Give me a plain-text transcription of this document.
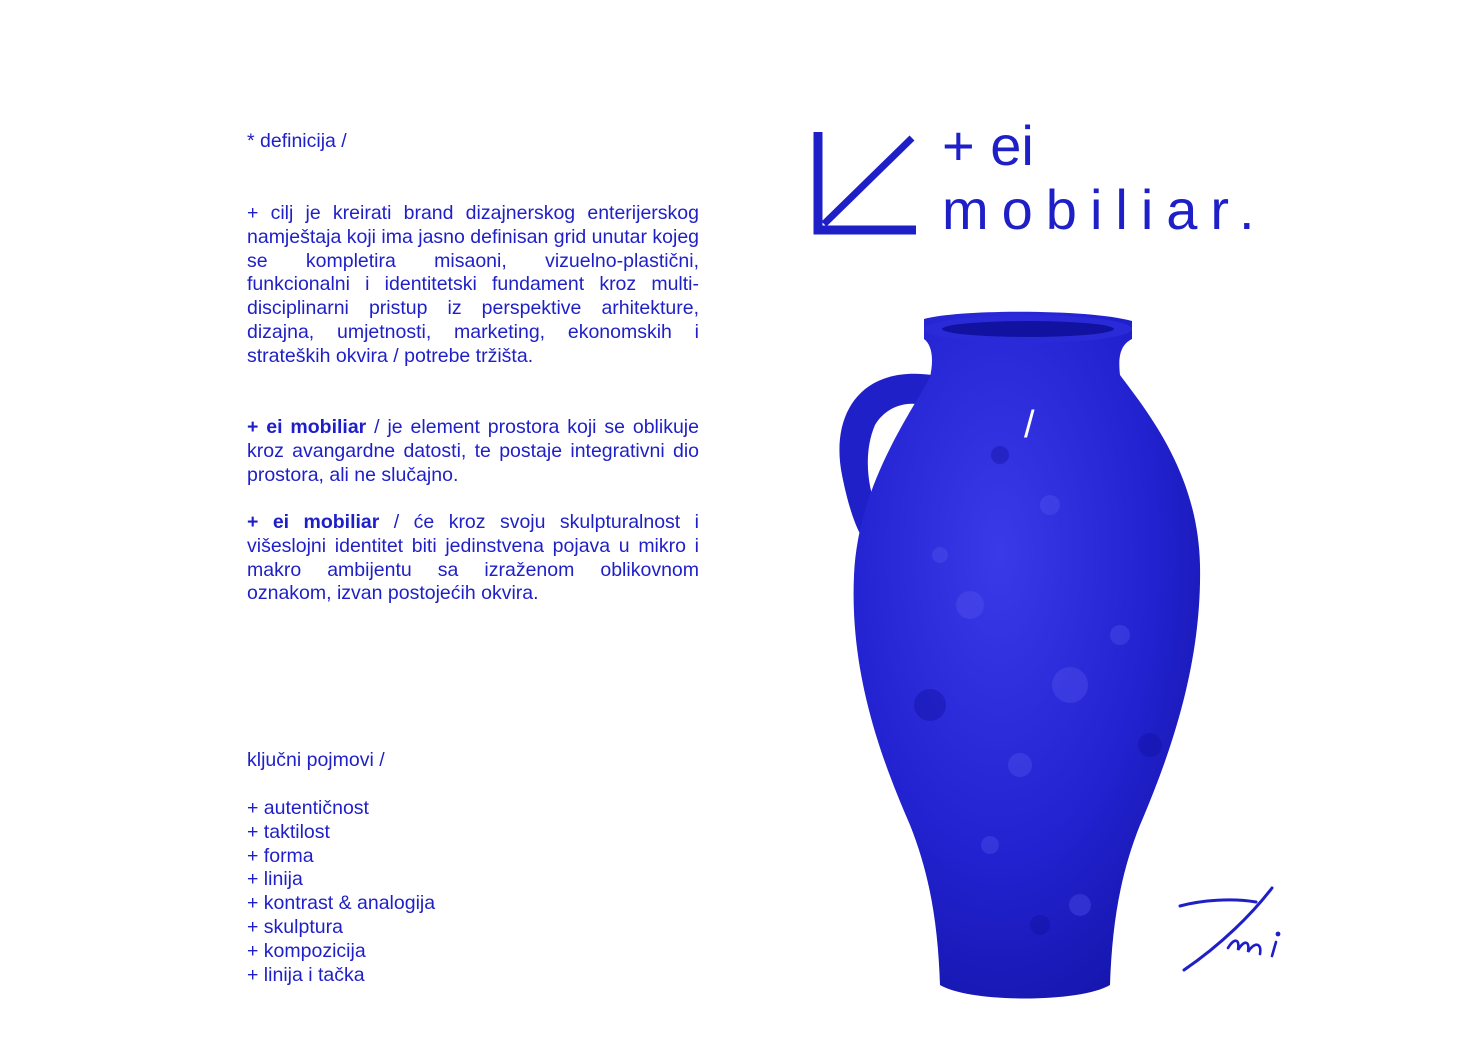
* definicija /

+ cilj je kreirati brand dizajnerskog enterijerskog namještaja koji ima jasno definisan grid unutar kojeg se kompletira misaoni, vizuelno-plastični, funkcionalni i identitetski fundament kroz multi-disciplinarni pristup iz perspektive arhitekture, dizajna, umjetnosti, marketing, ekonomskih i strateških okvira / potrebe tržišta.

+ ei mobiliar / je element prostora koji se oblikuje kroz avangardne datosti, te postaje integrativni dio prostora, ali ne slučajno.

+ ei mobiliar / će kroz svoju skulpturalnost i višeslojni identitet biti jedinstvena pojava u mikro i makro ambijentu sa izraženom oblikovnom oznakom, izvan postojećih okvira.

ključni pojmovi /
+ autentičnost
+ taktilost
+ forma
+ linija
+ kontrast & analogija
+ skulptura
+ kompozicija
+ linija i tačka
+ ei
mobiliar.
/
